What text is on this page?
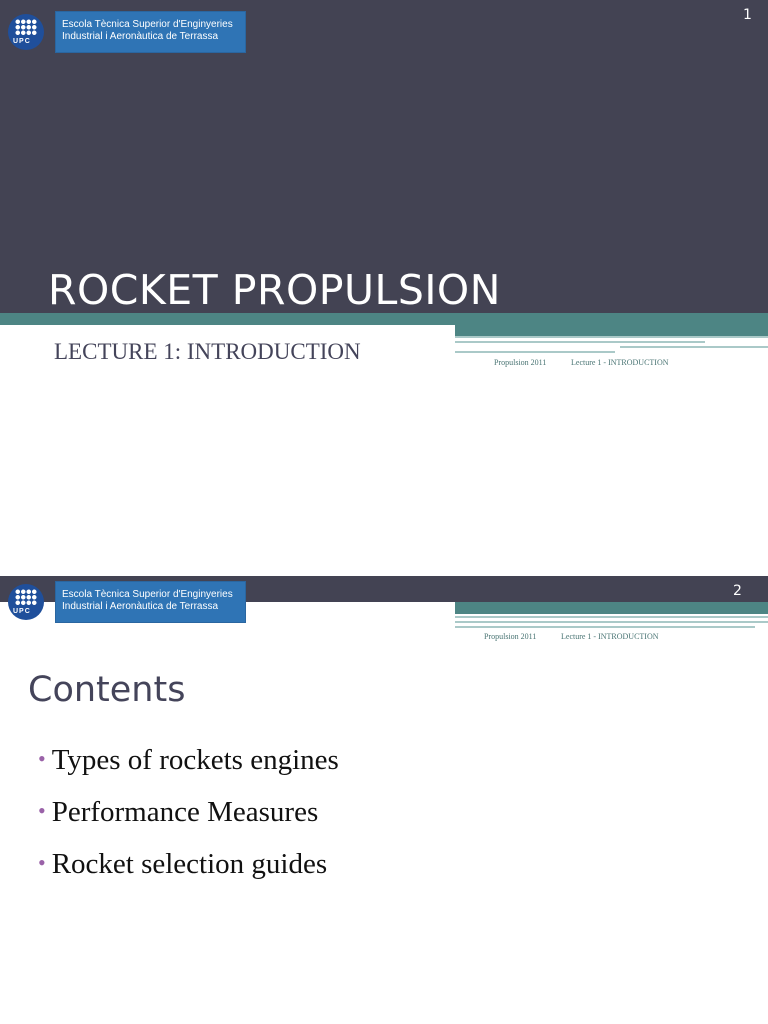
UPC
Escola Tècnica Superior d'Enginyeries
Industrial i Aeronàutica de Terrassa
1
ROCKET PROPULSION
LECTURE 1: INTRODUCTION	Propulsion 2011	Lecture 1 - INTRODUCTION
UPC
Escola Tècnica Superior d'Enginyeries
Industrial i Aeronàutica de Terrassa
2
Propulsion 2011	Lecture 1 - INTRODUCTION
Contents
• Types of rockets engines
• Performance Measures
• Rocket selection guides
